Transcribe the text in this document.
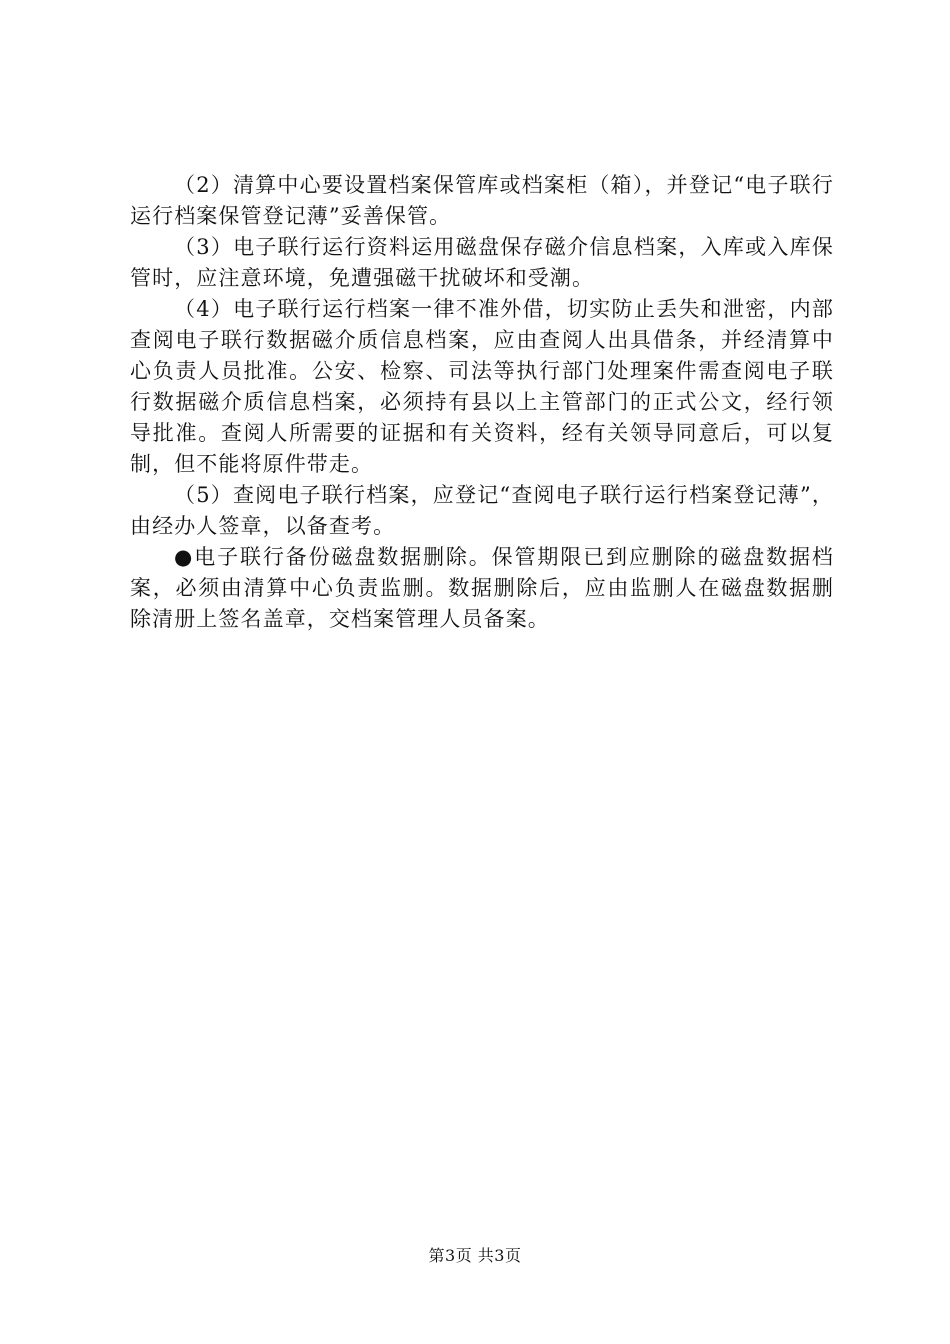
（2）清算中心要设置档案保管库或档案柜（箱），并登记“电子联行运行档案保管登记薄”妥善保管。

（3）电子联行运行资料运用磁盘保存磁介信息档案，入库或入库保管时，应注意环境，免遭强磁干扰破坏和受潮。

（4）电子联行运行档案一律不准外借，切实防止丢失和泄密，内部查阅电子联行数据磁介质信息档案，应由查阅人出具借条，并经清算中心负责人员批准。公安、检察、司法等执行部门处理案件需查阅电子联行数据磁介质信息档案，必须持有县以上主管部门的正式公文，经行领导批准。查阅人所需要的证据和有关资料，经有关领导同意后，可以复制，但不能将原件带走。

（5）查阅电子联行档案，应登记“查阅电子联行运行档案登记薄”，由经办人签章，以备查考。

●电子联行备份磁盘数据删除。保管期限已到应删除的磁盘数据档案，必须由清算中心负责监删。数据删除后，应由监删人在磁盘数据删除清册上签名盖章，交档案管理人员备案。

第3页 共3页
